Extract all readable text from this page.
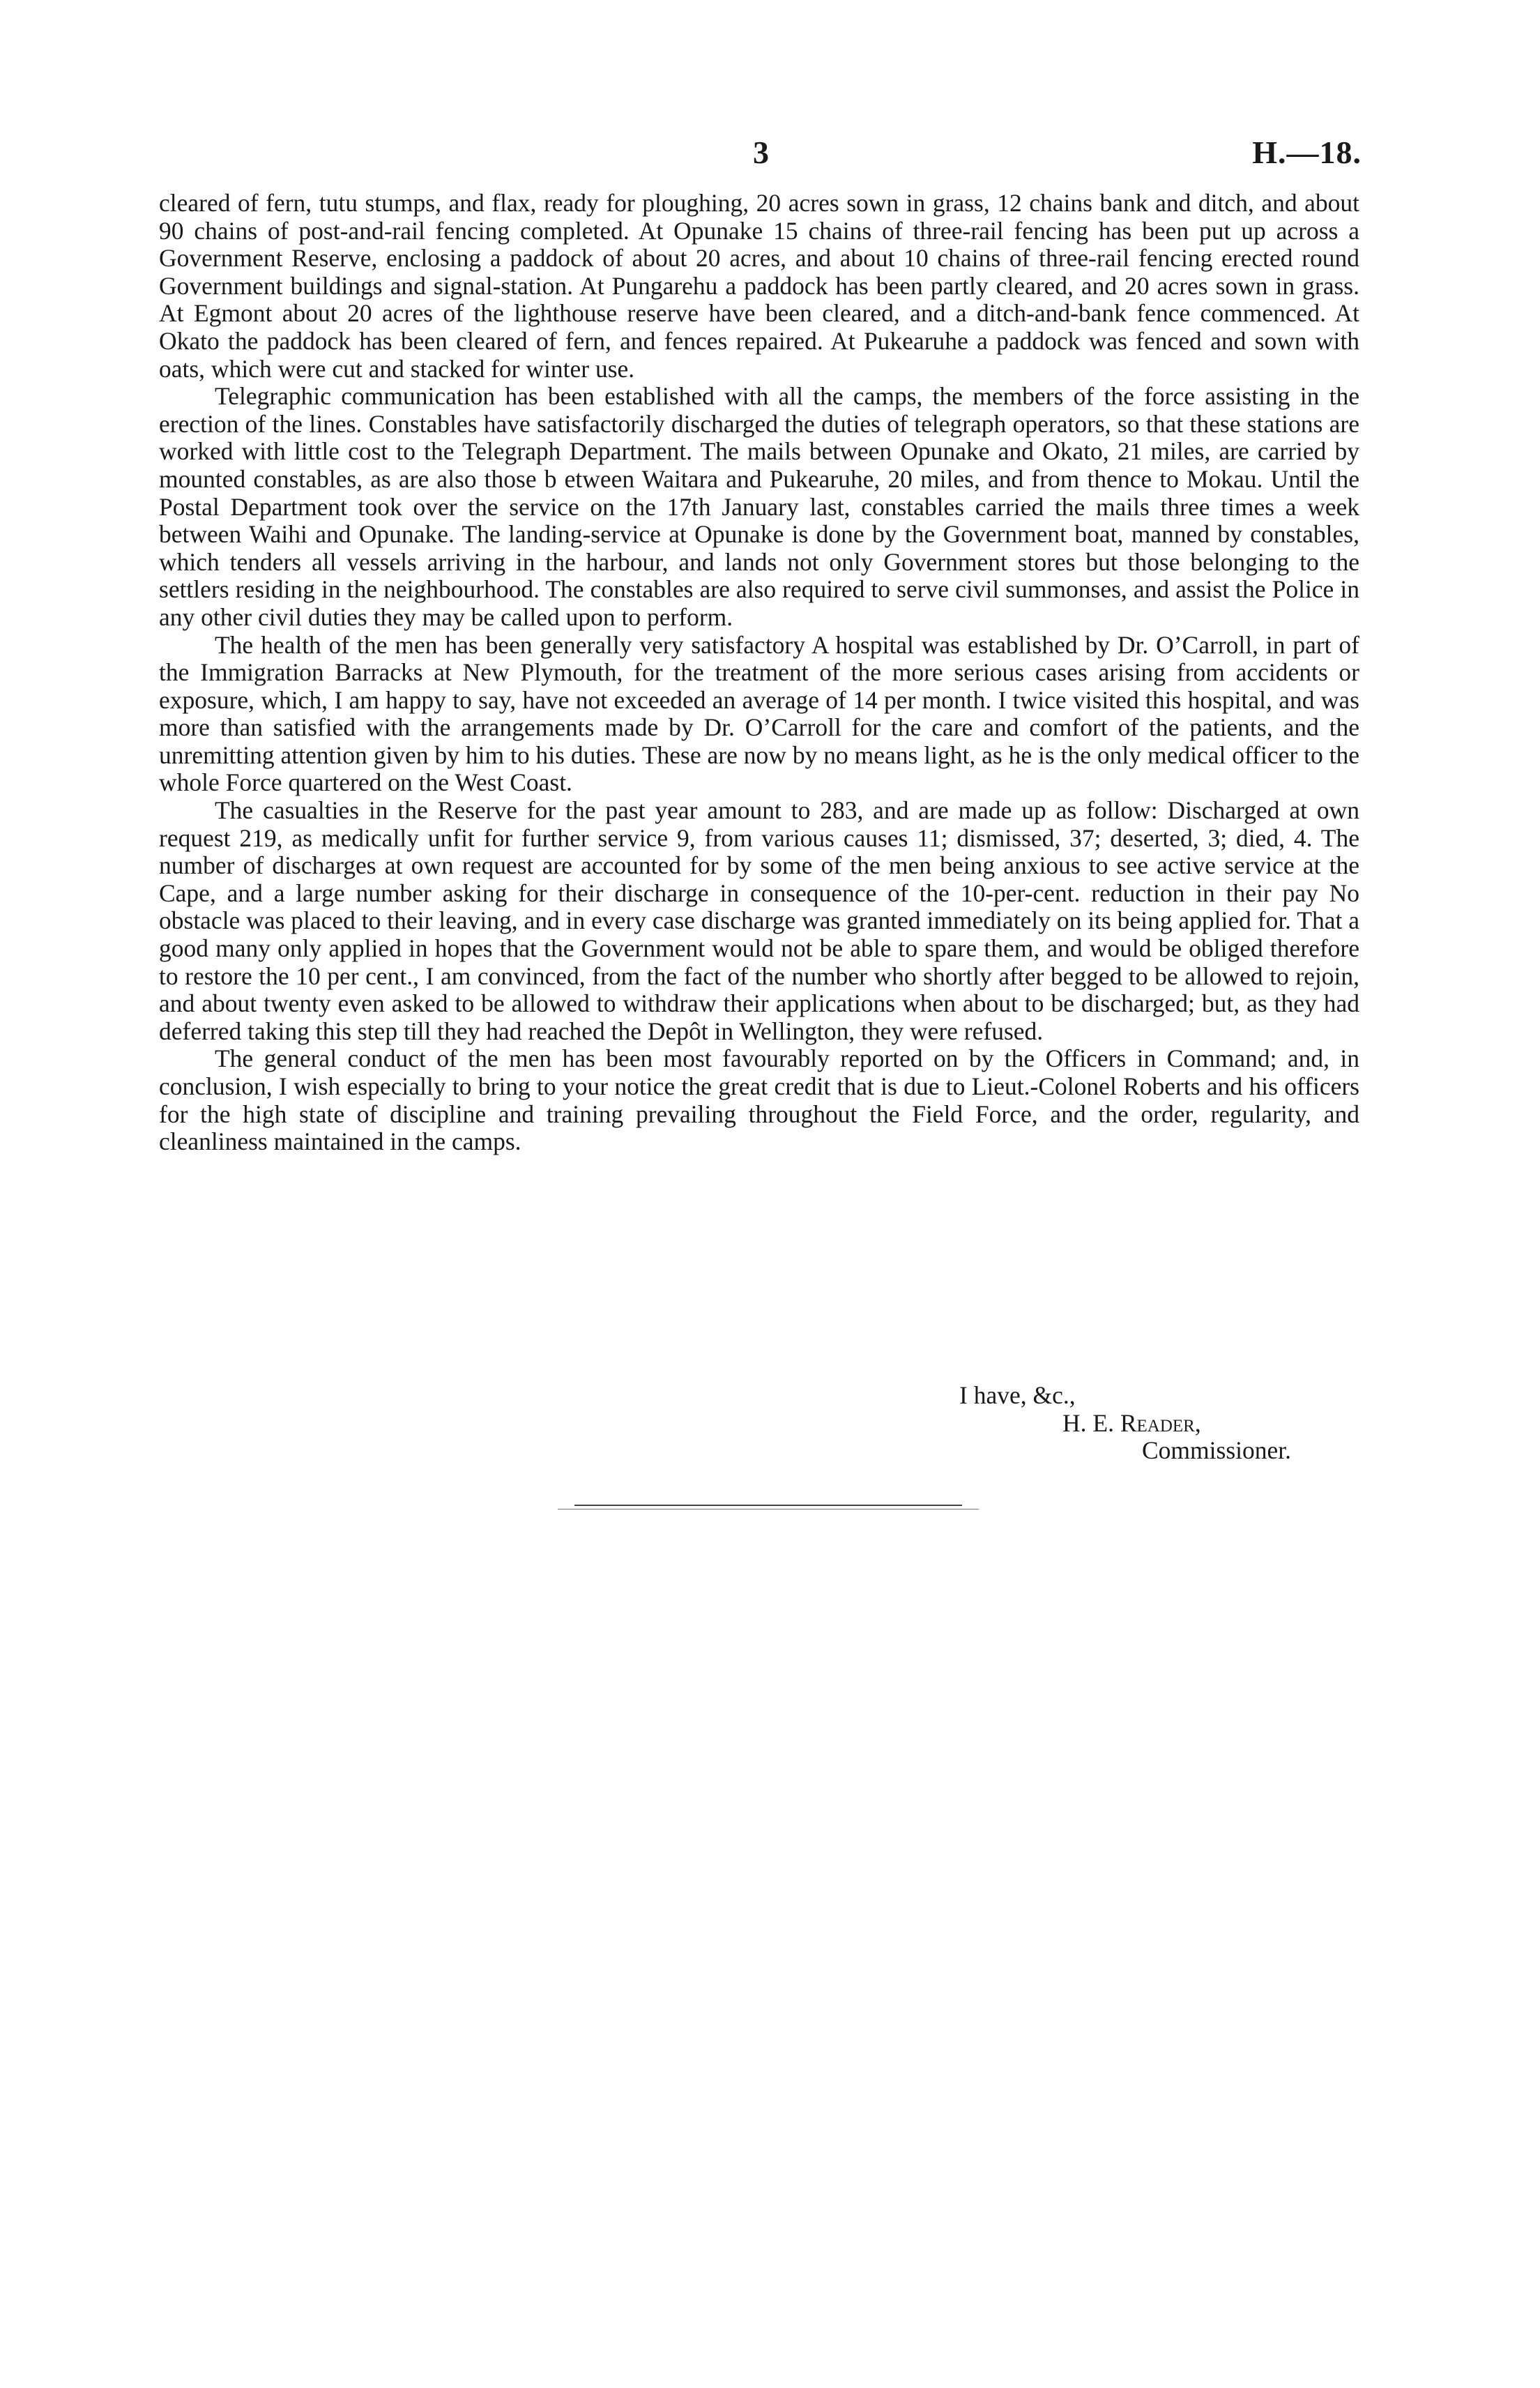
3	H.—18.

cleared of fern, tutu stumps, and flax, ready for ploughing, 20 acres sown in grass, 12 chains bank and ditch, and about 90 chains of post-and-rail fencing completed. At Opunake 15 chains of three-rail fencing has been put up across a Government Reserve, enclosing a paddock of about 20 acres, and about 10 chains of three-rail fencing erected round Government buildings and signal-station. At Pungarehu a paddock has been partly cleared, and 20 acres sown in grass. At Egmont about 20 acres of the lighthouse reserve have been cleared, and a ditch-and-bank fence commenced. At Okato the paddock has been cleared of fern, and fences repaired. At Pukearuhe a paddock was fenced and sown with oats, which were cut and stacked for winter use.

Telegraphic communication has been established with all the camps, the members of the force assisting in the erection of the lines. Constables have satisfactorily discharged the duties of telegraph operators, so that these stations are worked with little cost to the Telegraph Department. The mails between Opunake and Okato, 21 miles, are carried by mounted constables, as are also those b etween Waitara and Pukearuhe, 20 miles, and from thence to Mokau. Until the Postal Department took over the service on the 17th January last, constables carried the mails three times a week between Waihi and Opunake. The landing-service at Opunake is done by the Government boat, manned by constables, which tenders all vessels arriving in the harbour, and lands not only Government stores but those belonging to the settlers residing in the neighbourhood. The constables are also required to serve civil summonses, and assist the Police in any other civil duties they may be called upon to perform.

The health of the men has been generally very satisfactory A hospital was established by Dr. O’Carroll, in part of the Immigration Barracks at New Plymouth, for the treatment of the more serious cases arising from accidents or exposure, which, I am happy to say, have not exceeded an average of 14 per month. I twice visited this hospital, and was more than satisfied with the arrangements made by Dr. O’Carroll for the care and comfort of the patients, and the unremitting attention given by him to his duties. These are now by no means light, as he is the only medical officer to the whole Force quartered on the West Coast.

The casualties in the Reserve for the past year amount to 283, and are made up as follow: Discharged at own request 219, as medically unfit for further service 9, from various causes 11; dismissed, 37; deserted, 3; died, 4. The number of discharges at own request are accounted for by some of the men being anxious to see active service at the Cape, and a large number asking for their discharge in consequence of the 10-per-cent. reduction in their pay No obstacle was placed to their leaving, and in every case discharge was granted immediately on its being applied for. That a good many only applied in hopes that the Government would not be able to spare them, and would be obliged therefore to restore the 10 per cent., I am convinced, from the fact of the number who shortly after begged to be allowed to rejoin, and about twenty even asked to be allowed to withdraw their applications when about to be discharged; but, as they had deferred taking this step till they had reached the Depôt in Wellington, they were refused.

The general conduct of the men has been most favourably reported on by the Officers in Command; and, in conclusion, I wish especially to bring to your notice the great credit that is due to Lieut.-Colonel Roberts and his officers for the high state of discipline and training prevailing throughout the Field Force, and the order, regularity, and cleanliness maintained in the camps.

I have, &c.,
H. E. Reader,
Commissioner.
